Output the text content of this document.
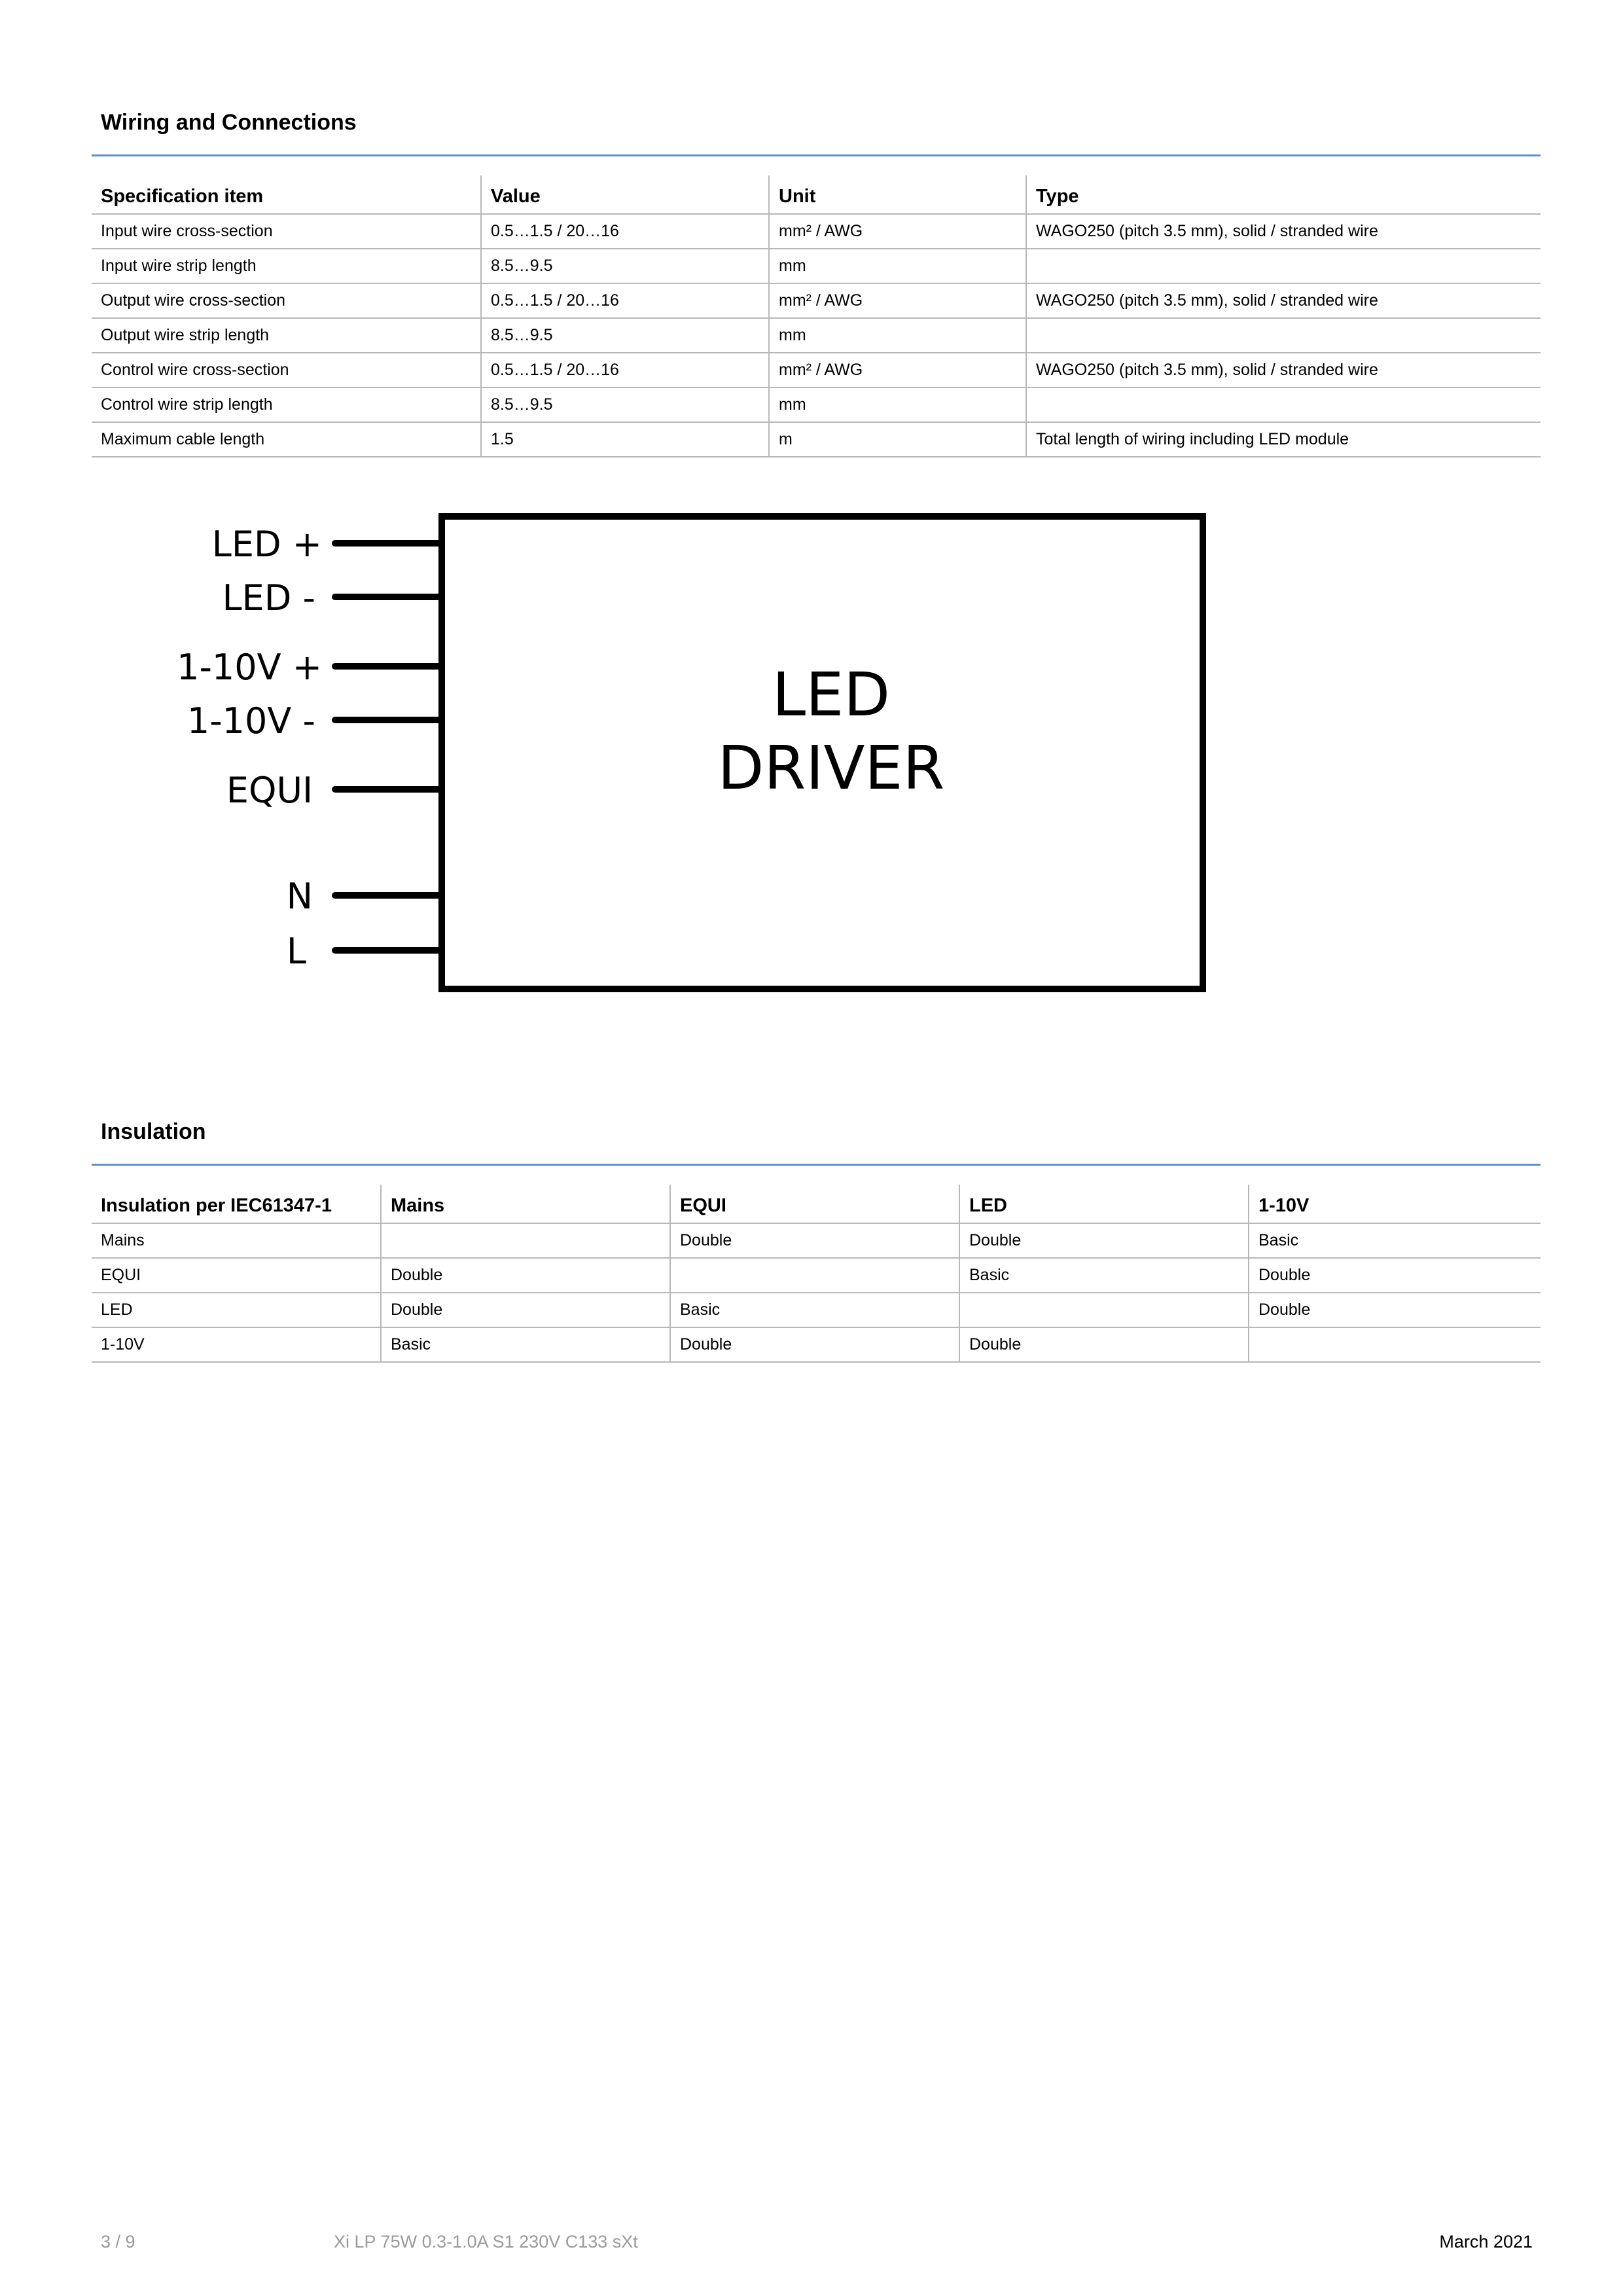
Wiring and Connections
Specification item	Value	Unit	Type
Input wire cross-section	0.5…1.5 / 20…16	mm² / AWG	WAGO250 (pitch 3.5 mm), solid / stranded wire
Input wire strip length	8.5…9.5	mm	
Output wire cross-section	0.5…1.5 / 20…16	mm² / AWG	WAGO250 (pitch 3.5 mm), solid / stranded wire
Output wire strip length	8.5…9.5	mm	
Control wire cross-section	0.5…1.5 / 20…16	mm² / AWG	WAGO250 (pitch 3.5 mm), solid / stranded wire
Control wire strip length	8.5…9.5	mm	
Maximum cable length	1.5	m	Total length of wiring including LED module
LED
DRIVER
LED +
LED -
1-10V +
1-10V -
EQUI
N
L
Insulation
Insulation per IEC61347-1	Mains	EQUI	LED	1-10V
Mains		Double	Double	Basic
EQUI	Double		Basic	Double
LED	Double	Basic		Double
1-10V	Basic	Double	Double	
3 / 9	Xi LP 75W 0.3-1.0A S1 230V C133 sXt	March 2021
